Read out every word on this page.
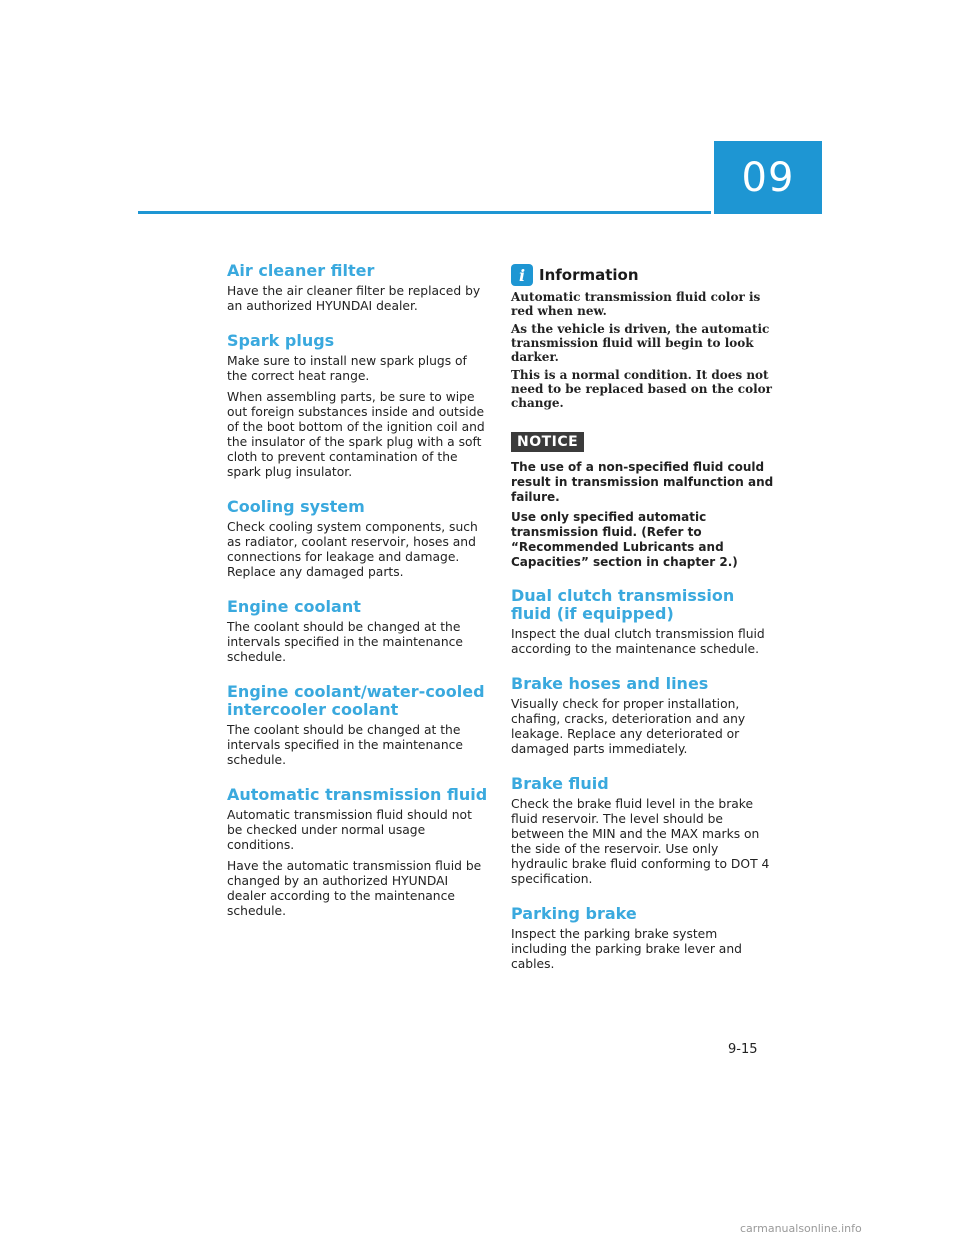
09
Air cleaner filter

Have the air cleaner filter be replaced by an authorized HYUNDAI dealer.

Spark plugs

Make sure to install new spark plugs of the correct heat range.

When assembling parts, be sure to wipe out foreign substances inside and outside of the boot bottom of the ignition coil and the insulator of the spark plug with a soft cloth to prevent contamination of the spark plug insulator.

Cooling system

Check cooling system components, such as radiator, coolant reservoir, hoses and connections for leakage and damage. Replace any damaged parts.

Engine coolant

The coolant should be changed at the intervals specified in the maintenance schedule.

Engine coolant/water-cooled intercooler coolant

The coolant should be changed at the intervals specified in the maintenance schedule.

Automatic transmission fluid

Automatic transmission fluid should not be checked under normal usage conditions.

Have the automatic transmission fluid be changed by an authorized HYUNDAI dealer according to the maintenance schedule.

i Information

Automatic transmission fluid color is red when new.

As the vehicle is driven, the automatic transmission fluid will begin to look darker.

This is a normal condition. It does not need to be replaced based on the color change.

NOTICE

The use of a non-specified fluid could result in transmission malfunction and failure.

Use only specified automatic transmission fluid. (Refer to “Recommended Lubricants and Capacities” section in chapter 2.)

Dual clutch transmission fluid (if equipped)

Inspect the dual clutch transmission fluid according to the maintenance schedule.

Brake hoses and lines

Visually check for proper installation, chafing, cracks, deterioration and any leakage. Replace any deteriorated or damaged parts immediately.

Brake fluid

Check the brake fluid level in the brake fluid reservoir. The level should be between the MIN and the MAX marks on the side of the reservoir. Use only hydraulic brake fluid conforming to DOT 4 specification.

Parking brake

Inspect the parking brake system including the parking brake lever and cables.

9-15
carmanualsonline.info
